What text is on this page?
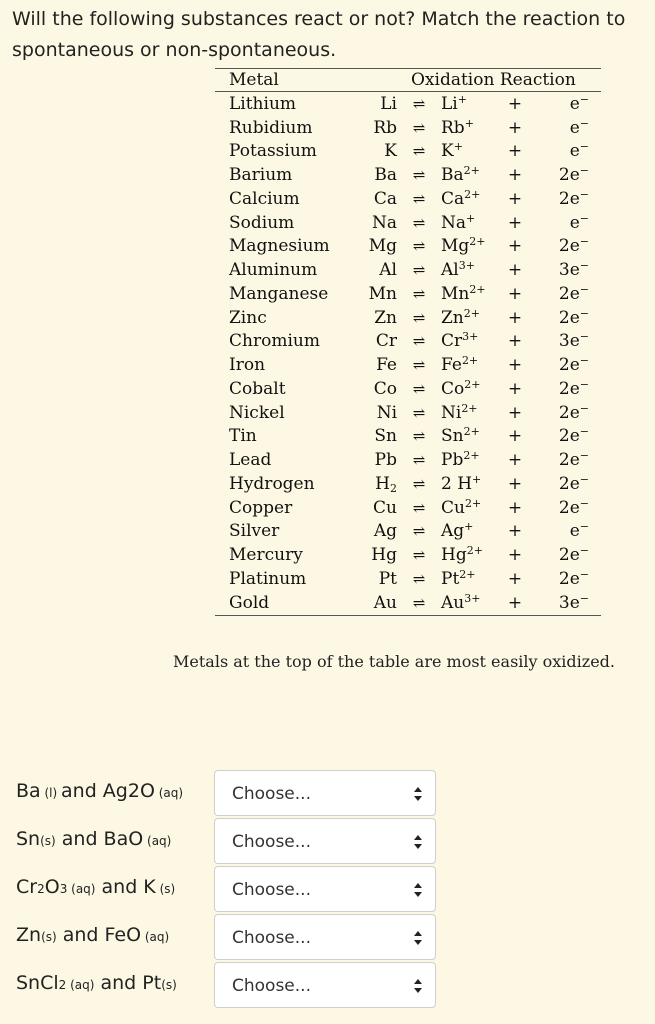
Will the following substances react or not? Match the reaction to spontaneous or non-spontaneous.

Metal		Oxidation Reaction			
Lithium	Li	⇌	Li+	+	e−
Rubidium	Rb	⇌	Rb+	+	e−
Potassium	K	⇌	K+	+	e−
Barium	Ba	⇌	$Ba^{2+}$	+	2e−
Calcium	Ca	⇌	$Ca^{2+}$	+	2e−
Sodium	Na	⇌	Na+	+	e−
Magnesium	Mg	⇌	$Mg^{2+}$	+	2e−
Aluminum	Al	⇌	$Al^{3+}$	+	3e−
Manganese	Mn	⇌	$Mn^{2+}$	+	2e−
Zinc	Zn	⇌	$Zn^{2+}$	+	2e−
Chromium	Cr	⇌	$Cr^{3+}$	+	3e−
Iron	Fe	⇌	$Fe^{2+}$	+	2e−
Cobalt	Co	⇌	$Co^{2+}$	+	2e−
Nickel	Ni	⇌	$Ni^{2+}$	+	2e−
Tin	Sn	⇌	$Sn^{2+}$	+	2e−
Lead	Pb	⇌	$Pb^{2+}$	+	2e−
Hydrogen	$H_2$	⇌	2 H+	+	2e−
Copper	Cu	⇌	$Cu^{2+}$	+	2e−
Silver	Ag	⇌	Ag+	+	e−
Mercury	Hg	⇌	$Hg^{2+}$	+	2e−
Platinum	Pt	⇌	$Pt^{2+}$	+	2e−
Gold	Au	⇌	$Au^{3+}$	+	3e−

Metals at the top of the table are most easily oxidized.

Ba (l) and Ag2O (aq)	Choose...
Sn(s) and BaO (aq)	Choose...
Cr2O3 (aq) and K (s)	Choose...
Zn(s) and FeO (aq)	Choose...
SnCl2 (aq) and Pt(s)	Choose...
